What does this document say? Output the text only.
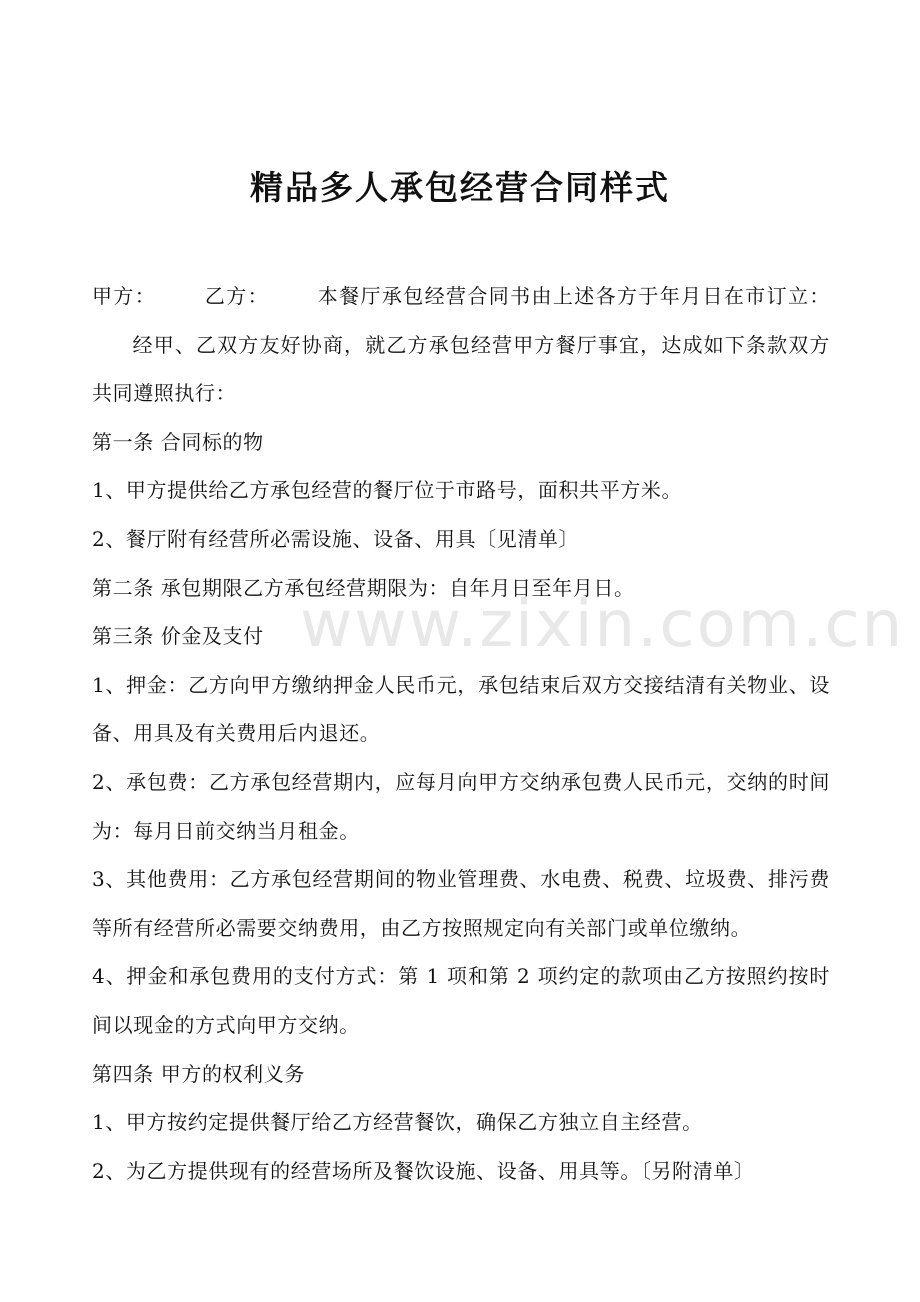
www.zixin.com.cn
精品多人承包经营合同样式

甲方： 乙方： 本餐厅承包经营合同书由上述各方于年月日在市订立：经甲、乙双方友好协商，就乙方承包经营甲方餐厅事宜，达成如下条款双方共同遵照执行：

第一条 合同标的物

1、甲方提供给乙方承包经营的餐厅位于市路号，面积共平方米。

2、餐厅附有经营所必需设施、设备、用具〔见清单〕

第二条 承包期限乙方承包经营期限为：自年月日至年月日。

第三条 价金及支付

1、押金：乙方向甲方缴纳押金人民币元，承包结束后双方交接结清有关物业、设备、用具及有关费用后内退还。

2、承包费：乙方承包经营期内，应每月向甲方交纳承包费人民币元，交纳的时间为：每月日前交纳当月租金。

3、其他费用：乙方承包经营期间的物业管理费、水电费、税费、垃圾费、排污费等所有经营所必需要交纳费用，由乙方按照规定向有关部门或单位缴纳。

4、押金和承包费用的支付方式：第 1 项和第 2 项约定的款项由乙方按照约按时间以现金的方式向甲方交纳。

第四条 甲方的权利义务

1、甲方按约定提供餐厅给乙方经营餐饮，确保乙方独立自主经营。

2、为乙方提供现有的经营场所及餐饮设施、设备、用具等。〔另附清单〕
